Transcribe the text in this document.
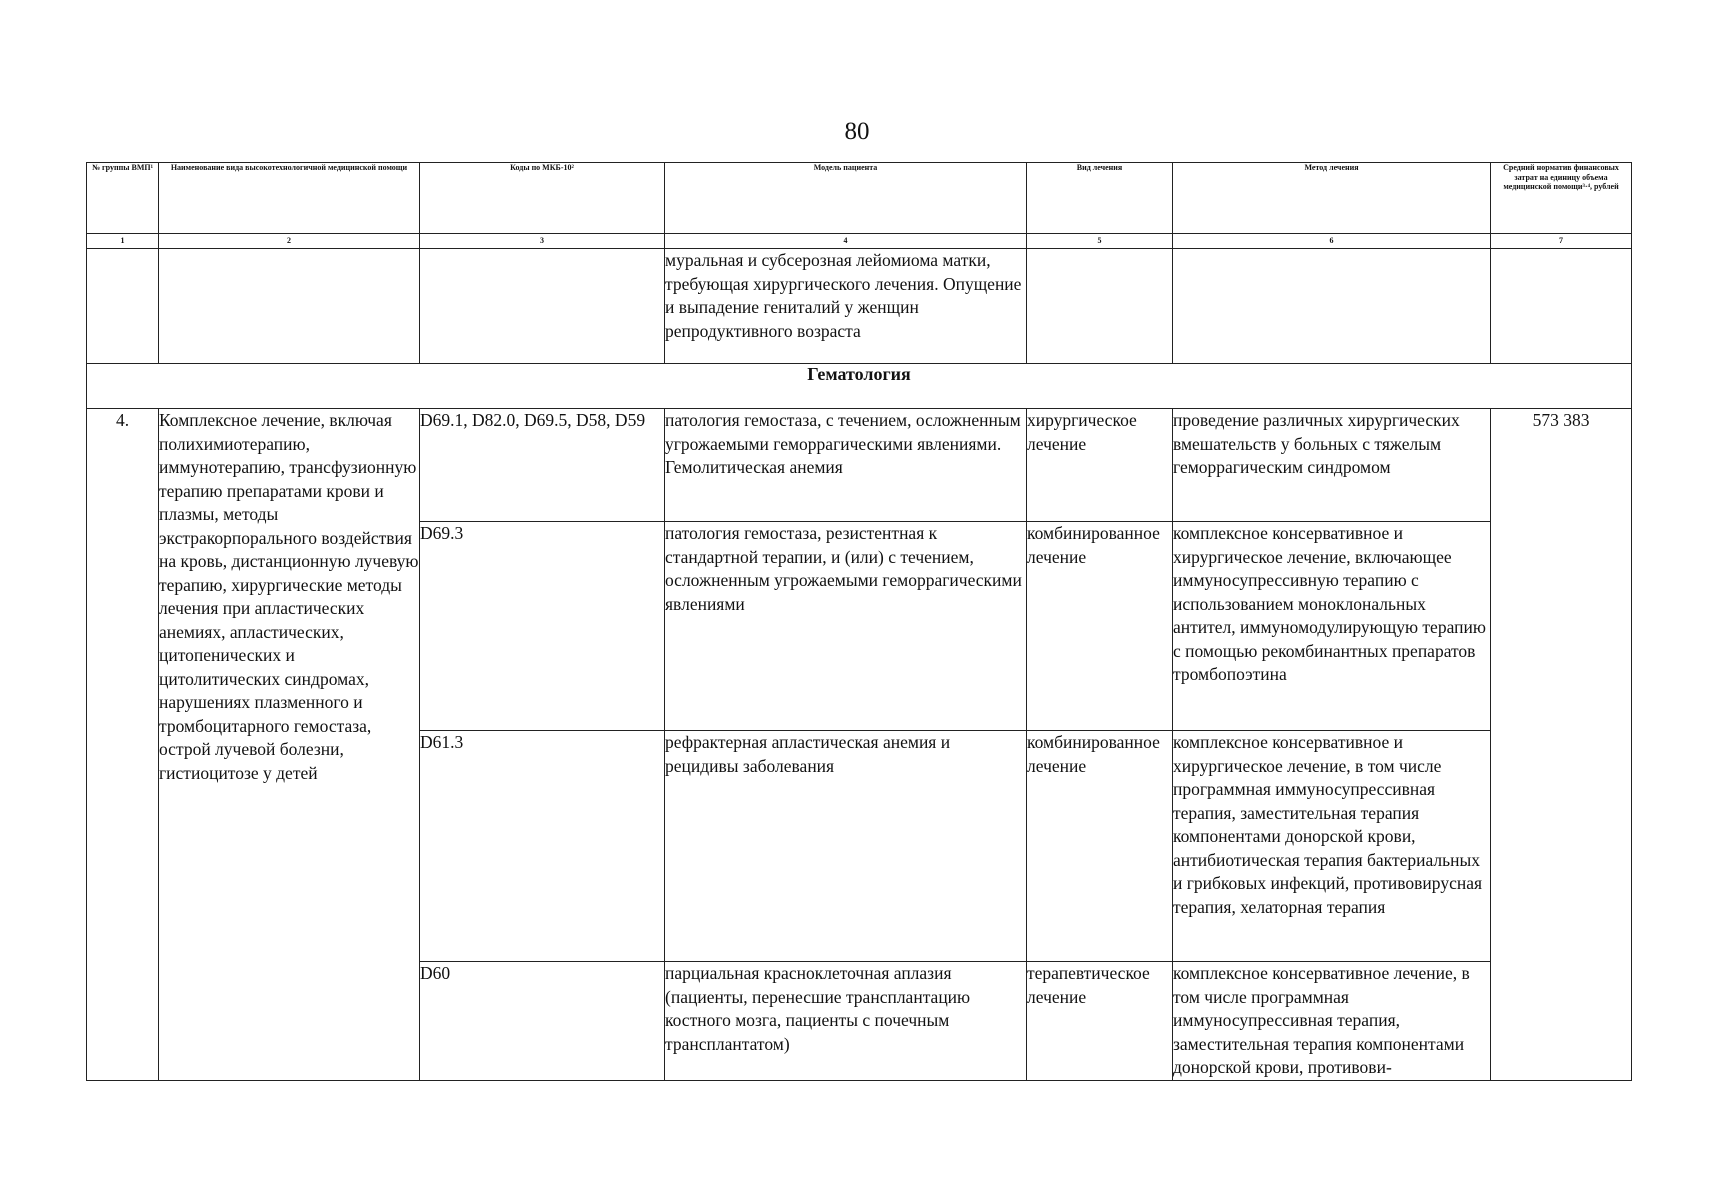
80
№ группы ВМП¹	Наименование вида высокотехнологичной медицинской помощи	Коды по МКБ-10²	Модель пациента	Вид лечения	Метод лечения	Средний норматив финансовых затрат на единицу объема медицинской помощи³·⁴, рублей
1	2	3	4	5	6	7
			муральная и субсерозная лейомиома матки, требующая хирургического лечения. Опущение и выпадение гениталий у женщин репродуктивного возраста			
Гематология						
4.	Комплексное лечение, включая полихимиотерапию, иммунотерапию, трансфузионную терапию препаратами крови и плазмы, методы экстракорпорального воздействия на кровь, дистанционную лучевую терапию, хирургические методы лечения при апластических анемиях, апластических, цитопенических и цитолитических синдромах, нарушениях плазменного и тромбоцитарного гемостаза, острой лучевой болезни, гистиоцитозе у детей	D69.1, D82.0, D69.5, D58, D59	патология гемостаза, с течением, осложненным угрожаемыми геморрагическими явлениями. Гемолитическая анемия	хирургическое лечение	проведение различных хирургических вмешательств у больных с тяжелым геморрагическим синдромом	573 383
		D69.3	патология гемостаза, резистентная к стандартной терапии, и (или) с течением, осложненным угрожаемыми геморрагическими явлениями	комбинированное лечение	комплексное консервативное и хирургическое лечение, включающее иммуносупрессивную терапию с использованием моноклональных антител, иммуномодулирующую терапию с помощью рекомбинантных препаратов тромбопоэтина	
		D61.3	рефрактерная апластическая анемия и рецидивы заболевания	комбинированное лечение	комплексное консервативное и хирургическое лечение, в том числе программная иммуносупрессивная терапия, заместительная терапия компонентами донорской крови, антибиотическая терапия бактериальных и грибковых инфекций, противовирусная терапия, хелаторная терапия	
		D60	парциальная красноклеточная аплазия (пациенты, перенесшие трансплантацию костного мозга, пациенты с почечным трансплантатом)	терапевтическое лечение	комплексное консервативное лечение, в том числе программная иммуносупрессивная терапия, заместительная терапия компонентами донорской крови, противови-	
